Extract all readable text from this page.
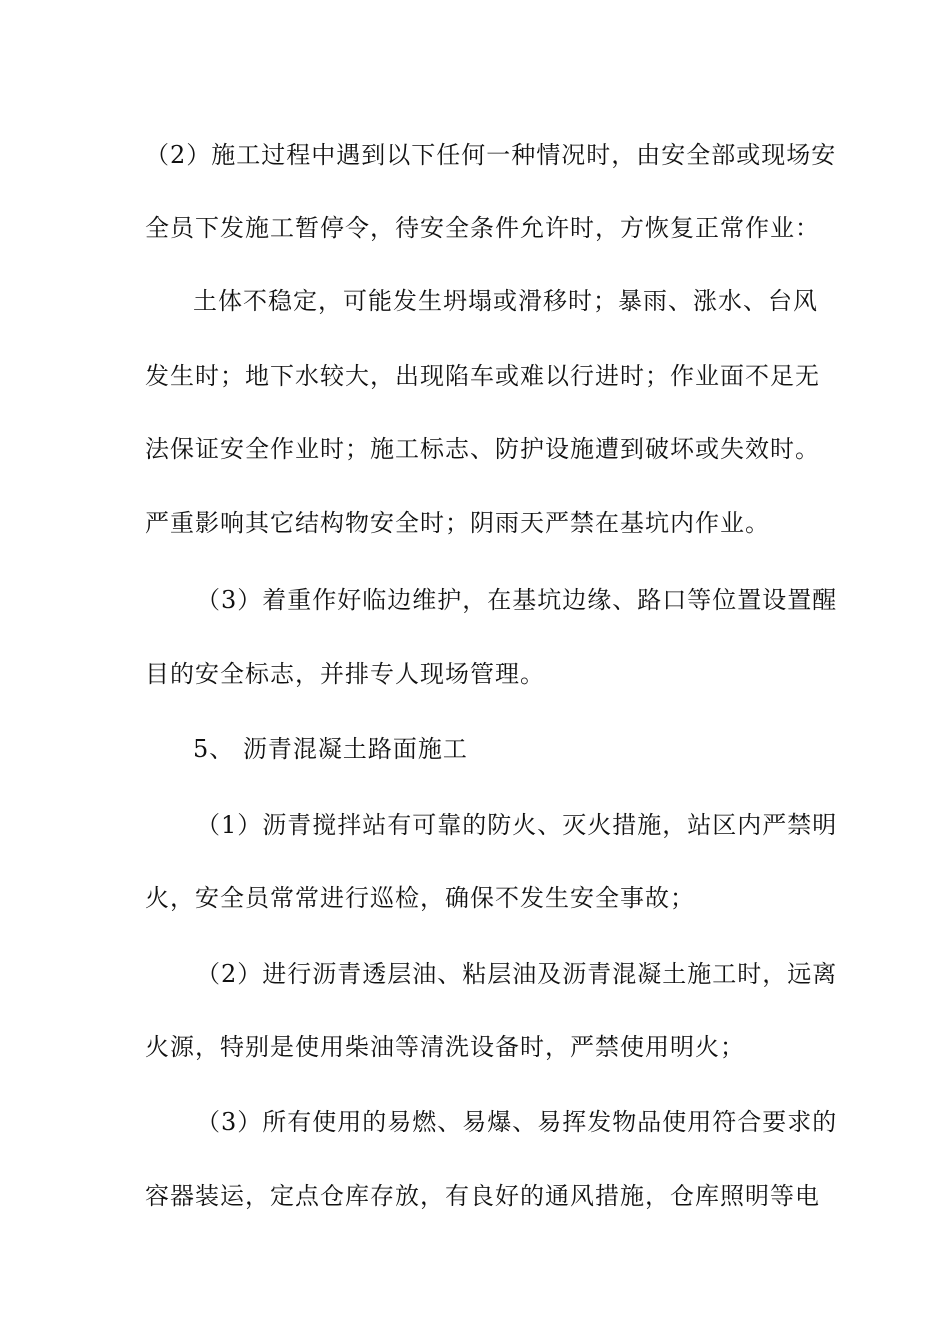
（2）施工过程中遇到以下任何一种情况时，由安全部或现场安
全员下发施工暂停令，待安全条件允许时，方恢复正常作业：
土体不稳定，可能发生坍塌或滑移时；暴雨、涨水、台风
发生时；地下水较大，出现陷车或难以行进时；作业面不足无
法保证安全作业时；施工标志、防护设施遭到破坏或失效时。
严重影响其它结构物安全时；阴雨天严禁在基坑内作业。
（3）着重作好临边维护，在基坑边缘、路口等位置设置醒
目的安全标志，并排专人现场管理。
5、 沥青混凝土路面施工
（1）沥青搅拌站有可靠的防火、灭火措施，站区内严禁明
火，安全员常常进行巡检，确保不发生安全事故；
（2）进行沥青透层油、粘层油及沥青混凝土施工时，远离
火源，特别是使用柴油等清洗设备时，严禁使用明火；
（3）所有使用的易燃、易爆、易挥发物品使用符合要求的
容器装运，定点仓库存放，有良好的通风措施，仓库照明等电
